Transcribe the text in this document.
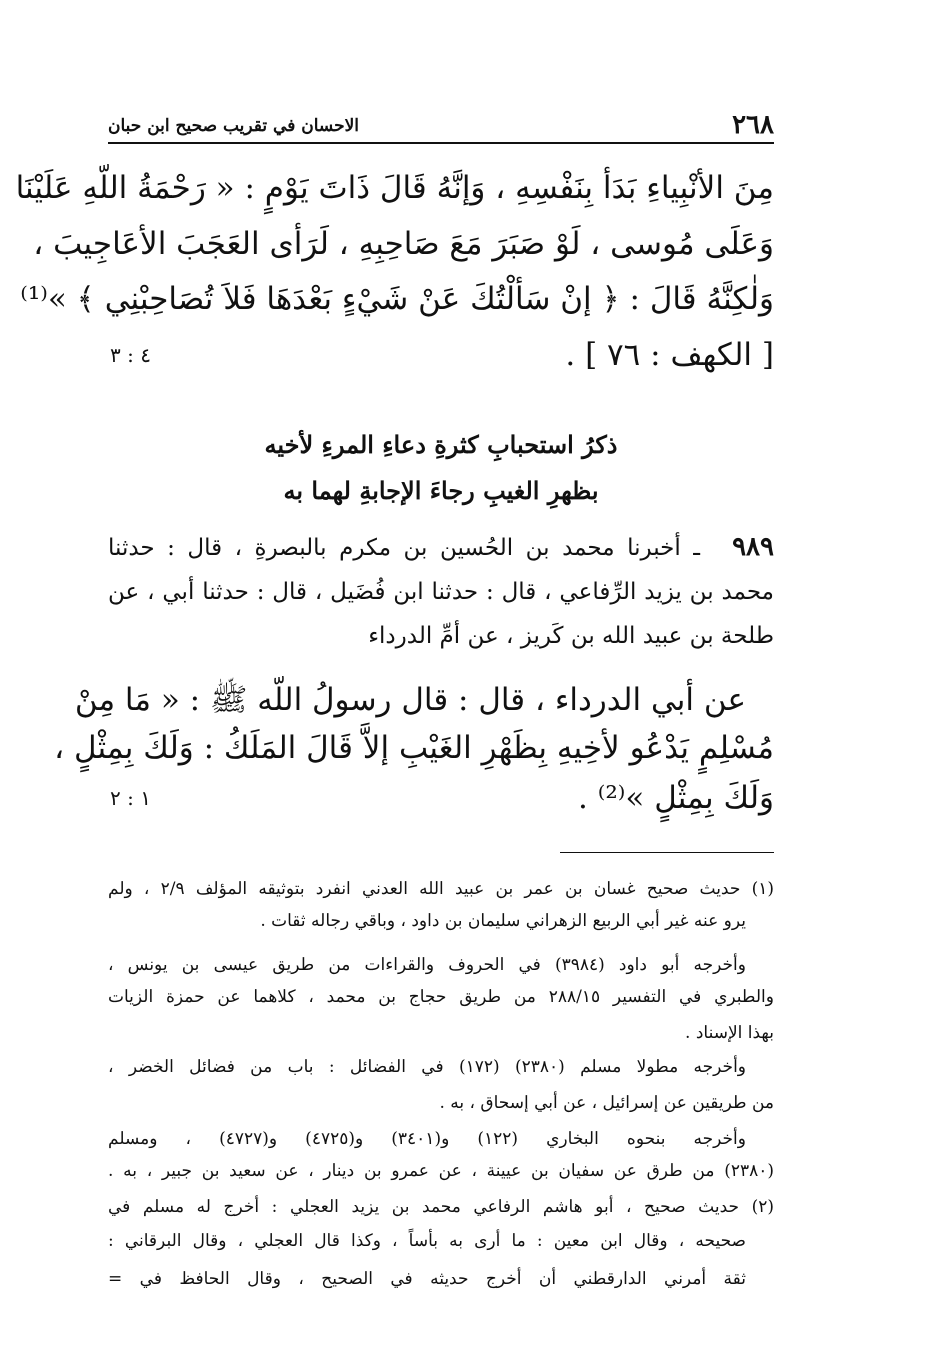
٢٦٨
الاحسان في تقريب صحيح ابن حبان
مِنَ الأنْبِياءِ بَدَأ بِنَفْسِهِ ، وَإنَّهُ قَالَ ذَاتَ يَوْمٍ : « رَحْمَةُ اللّهِ عَلَيْنَا
وَعَلَى مُوسى ، لَوْ صَبَرَ مَعَ صَاحِبِهِ ، لَرَأى العَجَبَ الأعَاجِيبَ ،
وَلٰكِنَّهُ قَالَ : ﴿ إنْ سَألْتُكَ عَنْ شَيْءٍ بَعْدَهَا فَلاَ تُصَاحِبْنِي ﴾ »⁽¹⁾
[ الكهف : ٧٦ ] .
٤ : ٣
ذكرُ استحبابِ كثرةِ دعاءِ المرءِ لأخيه
بظهرِ الغيبِ رجاءَ الإجابةِ لهما به
٩٨٩
ـ أخبرنا محمد بن الحُسين بن مكرم بالبصرةِ ، قال : حدثنا
محمد بن يزيد الرِّفاعي ، قال : حدثنا ابن فُضَيل ، قال : حدثنا أبي ، عن
طلحة بن عبيد الله بن كَريز ، عن أمِّ الدرداء
عن أبي الدرداء ، قال : قال رسولُ اللّه ﷺ : « مَا مِنْ
مُسْلِمٍ يَدْعُو لأخِيهِ بِظَهْرِ الغَيْبِ إلاَّ قَالَ المَلَكُ : وَلَكَ بِمِثْلٍ ،
وَلَكَ بِمِثْلٍ »⁽²⁾ .
١ : ٢
(١) حديث صحيح غسان بن عمر بن عبيد الله العدني انفرد بتوثيقه المؤلف ٢/٩ ، ولم
يرو عنه غير أبي الربيع الزهراني سليمان بن داود ، وباقي رجاله ثقات .
وأخرجه أبو داود (٣٩٨٤) في الحروف والقراءات من طريق عيسى بن يونس ،
والطبري في التفسير ٢٨٨/١٥ من طريق حجاج بن محمد ، كلاهما عن حمزة الزيات
بهذا الإسناد .
وأخرجه مطولا مسلم (٢٣٨٠) (١٧٢) في الفضائل : باب من فضائل الخضر ،
من طريقين عن إسرائيل ، عن أبي إسحاق ، به .
وأخرجه بنحوه البخاري (١٢٢) و(٣٤٠١) و(٤٧٢٥) و(٤٧٢٧) ، ومسلم
(٢٣٨٠) من طرق عن سفيان بن عيينة ، عن عمرو بن دينار ، عن سعيد بن جبير ، به .
(٢) حديث صحيح ، أبو هاشم الرفاعي محمد بن يزيد العجلي : أخرج له مسلم في
صحيحه ، وقال ابن معين : ما أرى به بأساً ، وكذا قال العجلي ، وقال البرقاني :
ثقة أمرني الدارقطني أن أخرج حديثه في الصحيح ، وقال الحافظ في =
